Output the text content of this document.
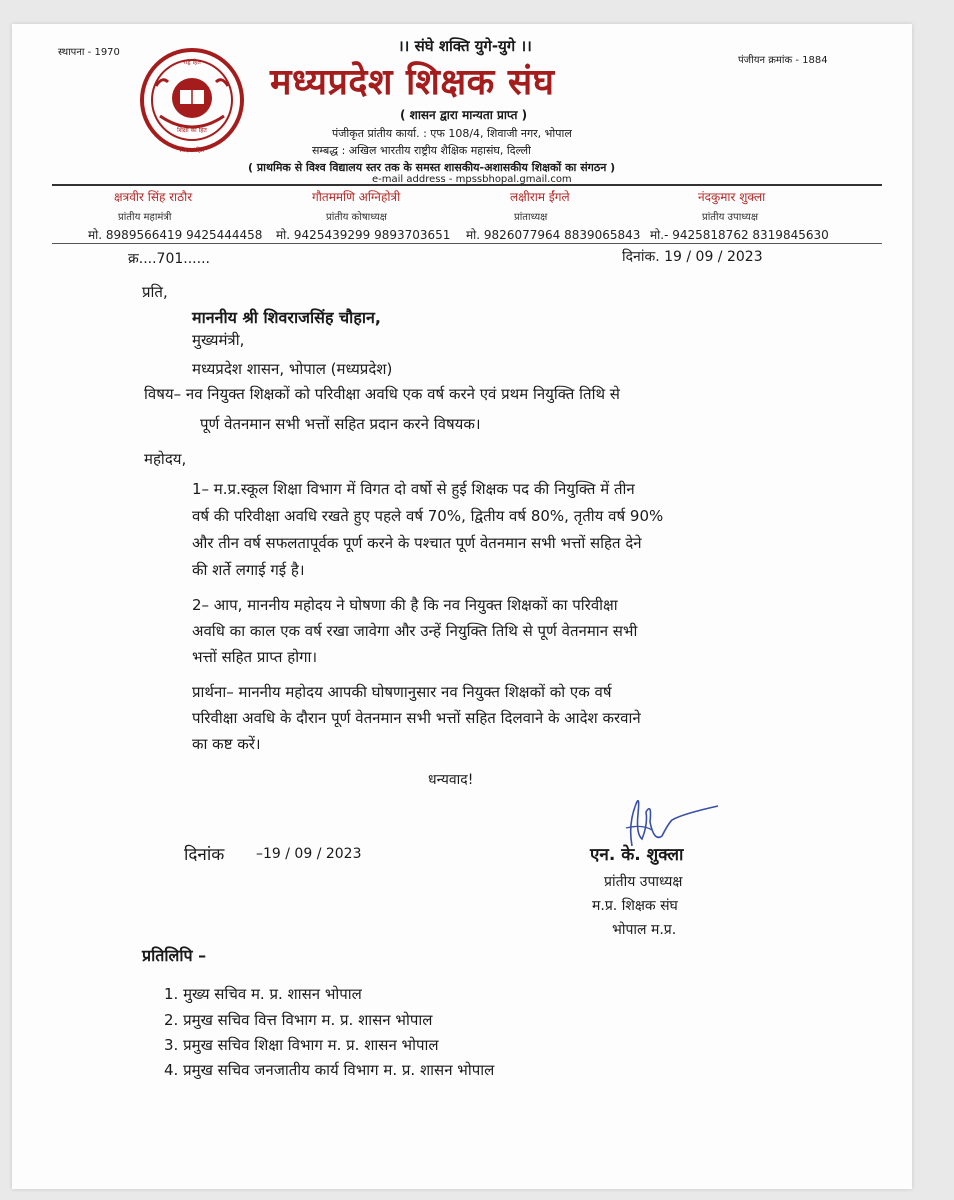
स्थापना - 1970
पंजीयन क्रमांक - 1884
।। संघे शक्ति युगे-युगे ।।
राष्ट्र हित
शिक्षा का हित
शिक्षक हित
मध्यप्रदेश शिक्षक संघ
( शासन द्वारा मान्यता प्राप्त )
पंजीकृत प्रांतीय कार्या. : एफ 108/4, शिवाजी नगर, भोपाल
सम्बद्ध : अखिल भारतीय राष्ट्रीय शैक्षिक महासंघ, दिल्ली
( प्राथमिक से विश्व विद्यालय स्तर तक के समस्त शासकीय-अशासकीय शिक्षकों का संगठन )
e-mail address - mpssbhopal.gmail.com
क्षत्रवीर सिंह राठौर
प्रांतीय महामंत्री
गौतममणि अग्निहोत्री
प्रांतीय कोषाध्यक्ष
लक्षीराम ईंगले
प्रांताध्यक्ष
नंदकुमार शुक्ला
प्रांतीय उपाध्यक्ष
मो. 8989566419 9425444458 मो. 9425439299 9893703651 मो. 9826077964 8839065843 मो.- 9425818762 8319845630
क्र....701......	दिनांक. 19 / 09 / 2023
प्रति,
माननीय श्री शिवराजसिंह चौहान,
मुख्यमंत्री,
मध्यप्रदेश शासन, भोपाल (मध्यप्रदेश)
विषय– नव नियुक्त शिक्षकों को परिवीक्षा अवधि एक वर्ष करने एवं प्रथम नियुक्ति तिथि से
पूर्ण वेतनमान सभी भत्तों सहित प्रदान करने विषयक।
महोदय,
1– म.प्र.स्कूल शिक्षा विभाग में विगत दो वर्षो से हुई शिक्षक पद की नियुक्ति में तीन
वर्ष की परिवीक्षा अवधि रखते हुए पहले वर्ष 70%, द्वितीय वर्ष 80%, तृतीय वर्ष 90%
और तीन वर्ष सफलतापूर्वक पूर्ण करने के पश्चात पूर्ण वेतनमान सभी भत्तों सहित देने
की शर्ते लगाई गई है।
2– आप, माननीय महोदय ने घोषणा की है कि नव नियुक्त शिक्षकों का परिवीक्षा
अवधि का काल एक वर्ष रखा जावेगा और उन्हें नियुक्ति तिथि से पूर्ण वेतनमान सभी
भत्तों सहित प्राप्त होगा।
प्रार्थना– माननीय महोदय आपकी घोषणानुसार नव नियुक्त शिक्षकों को एक वर्ष
परिवीक्षा अवधि के दौरान पूर्ण वेतनमान सभी भत्तों सहित दिलवाने के आदेश करवाने
का कष्ट करें।
धन्यवाद!
दिनांक –19 / 09 / 2023	एन. के. शुक्ला
प्रांतीय उपाध्यक्ष
म.प्र. शिक्षक संघ
भोपाल म.प्र.
प्रतिलिपि –
1. मुख्य सचिव म. प्र. शासन भोपाल
2. प्रमुख सचिव वित्त विभाग म. प्र. शासन भोपाल
3. प्रमुख सचिव शिक्षा विभाग म. प्र. शासन भोपाल
4. प्रमुख सचिव जनजातीय कार्य विभाग म. प्र. शासन भोपाल
